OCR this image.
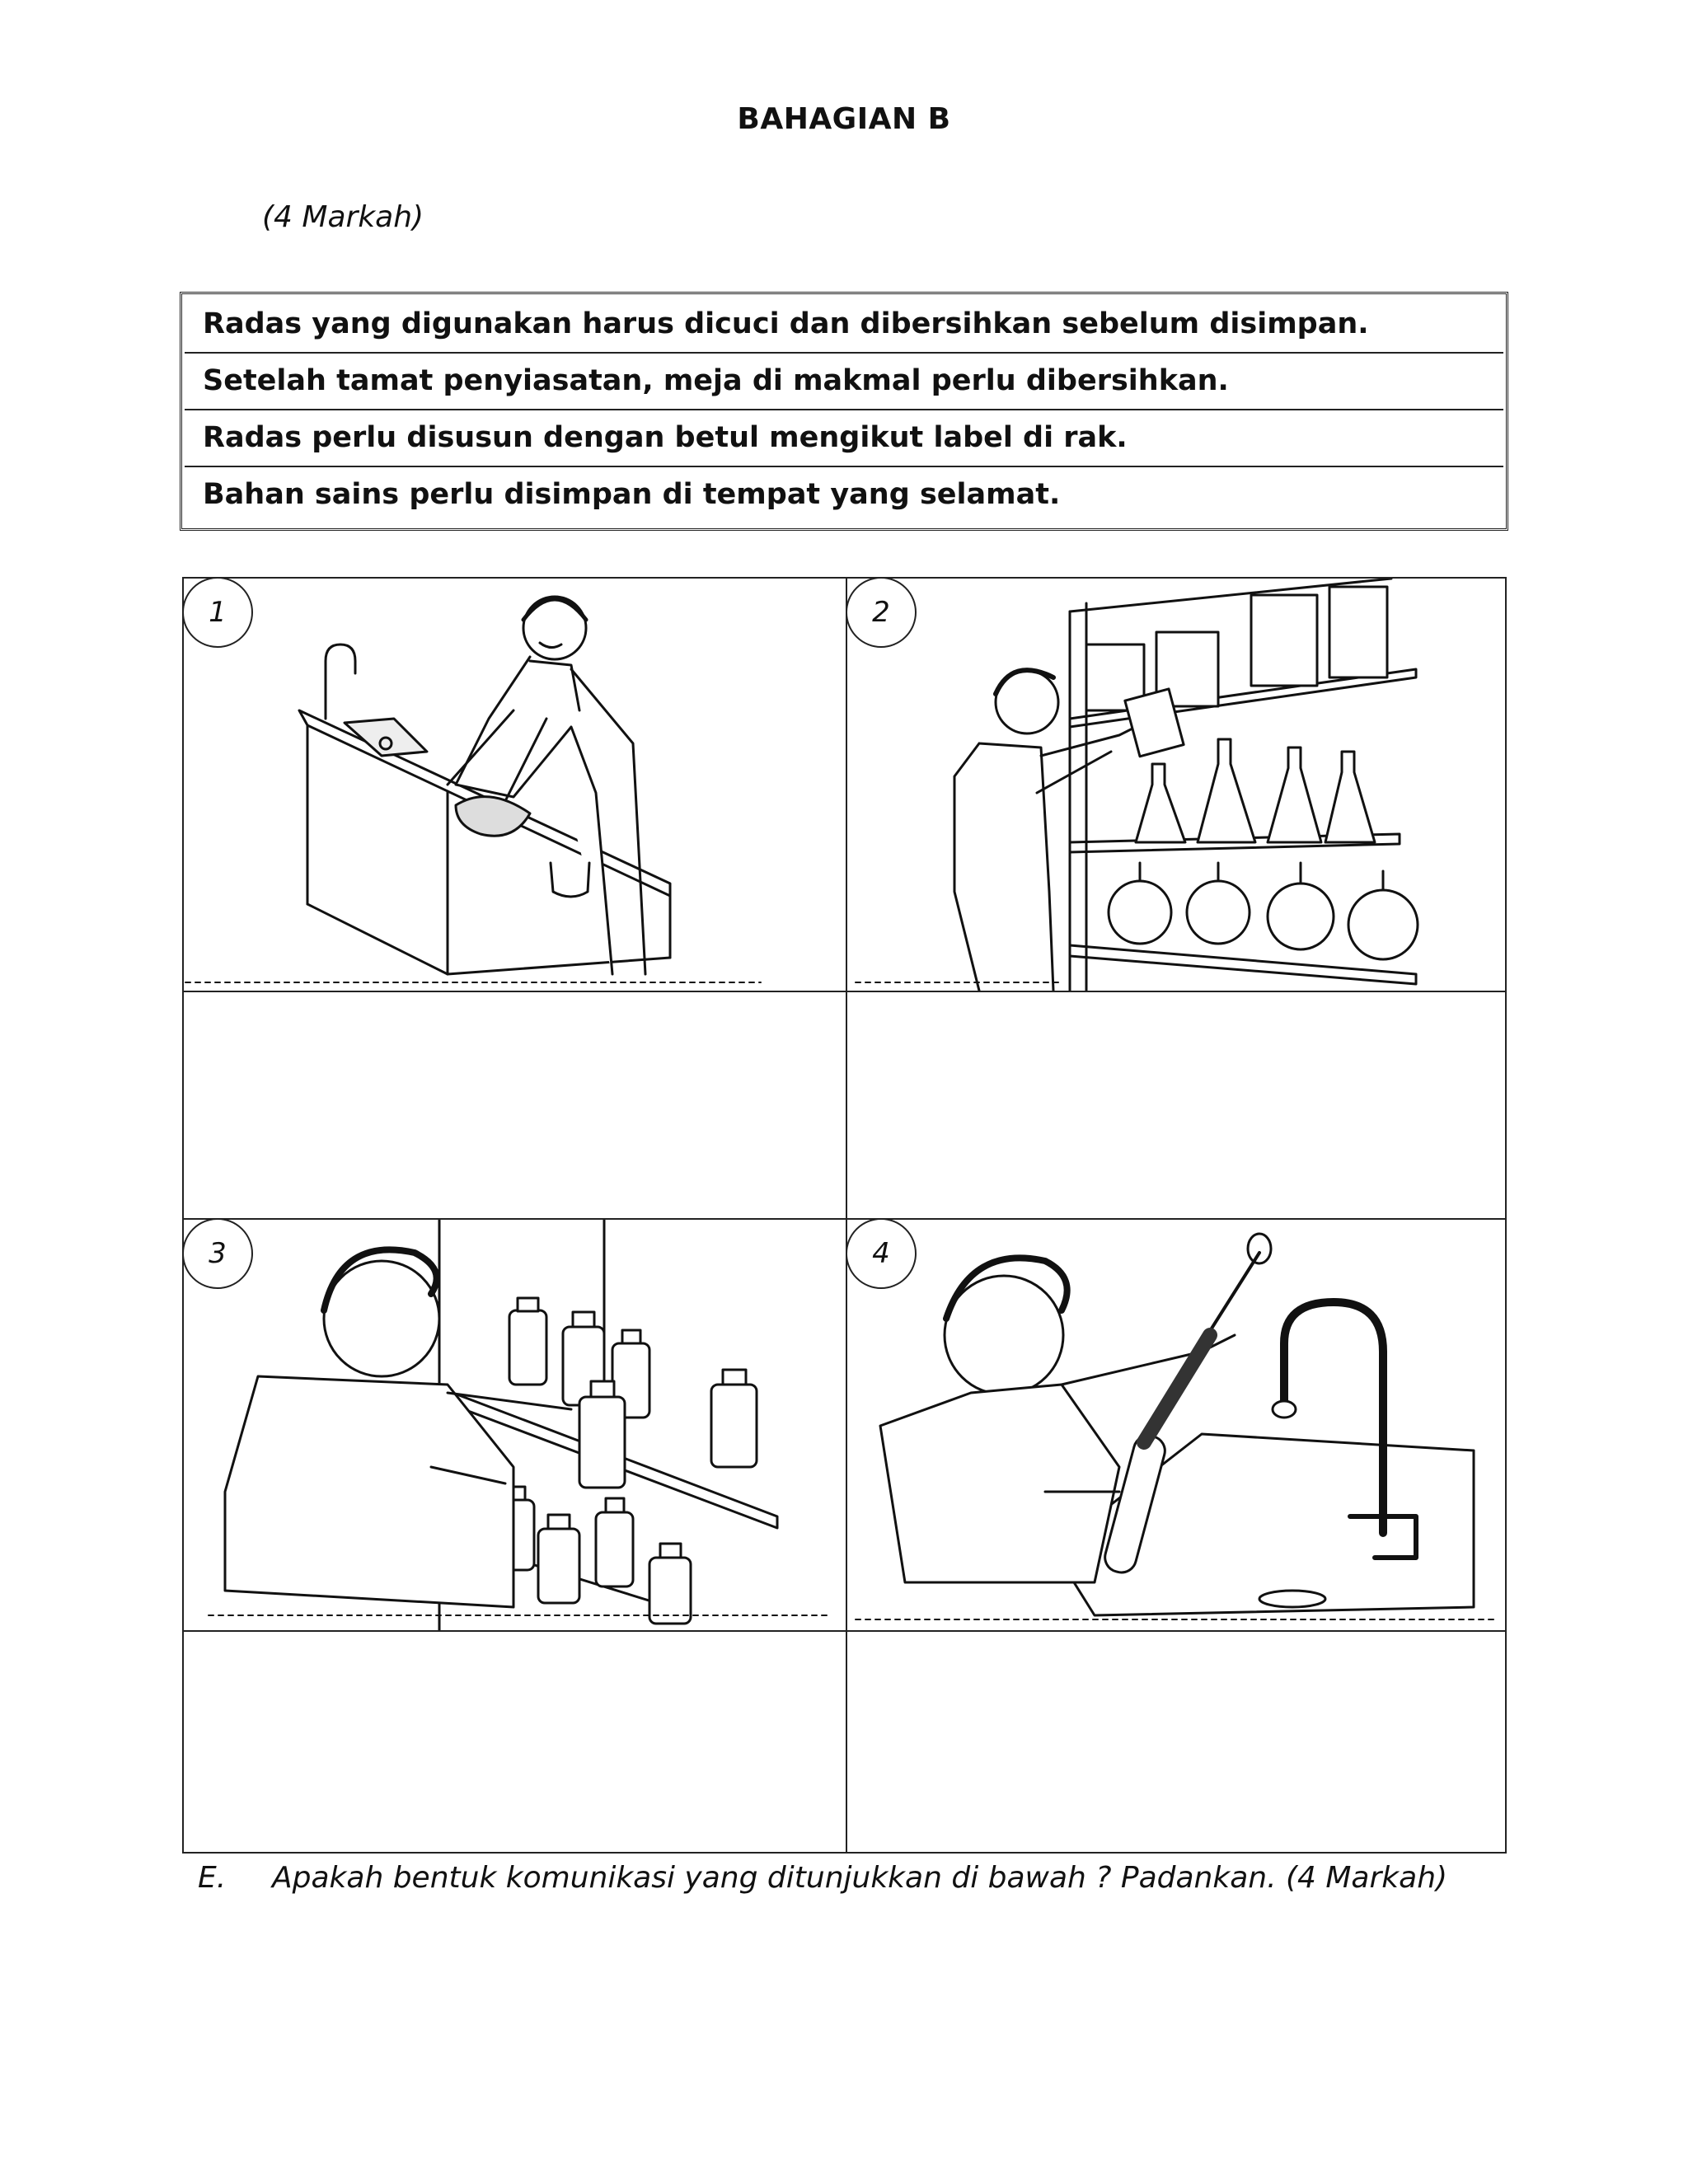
BAHAGIAN B
(4 Markah)
Radas yang digunakan harus dicuci dan dibersihkan sebelum disimpan.
Setelah tamat penyiasatan, meja di makmal perlu dibersihkan.
Radas perlu disusun dengan betul mengikut label di rak.
Bahan sains perlu disimpan di tempat yang selamat.
1	2
3	4
E. Apakah bentuk komunikasi yang ditunjukkan di bawah ? Padankan. (4 Markah)
